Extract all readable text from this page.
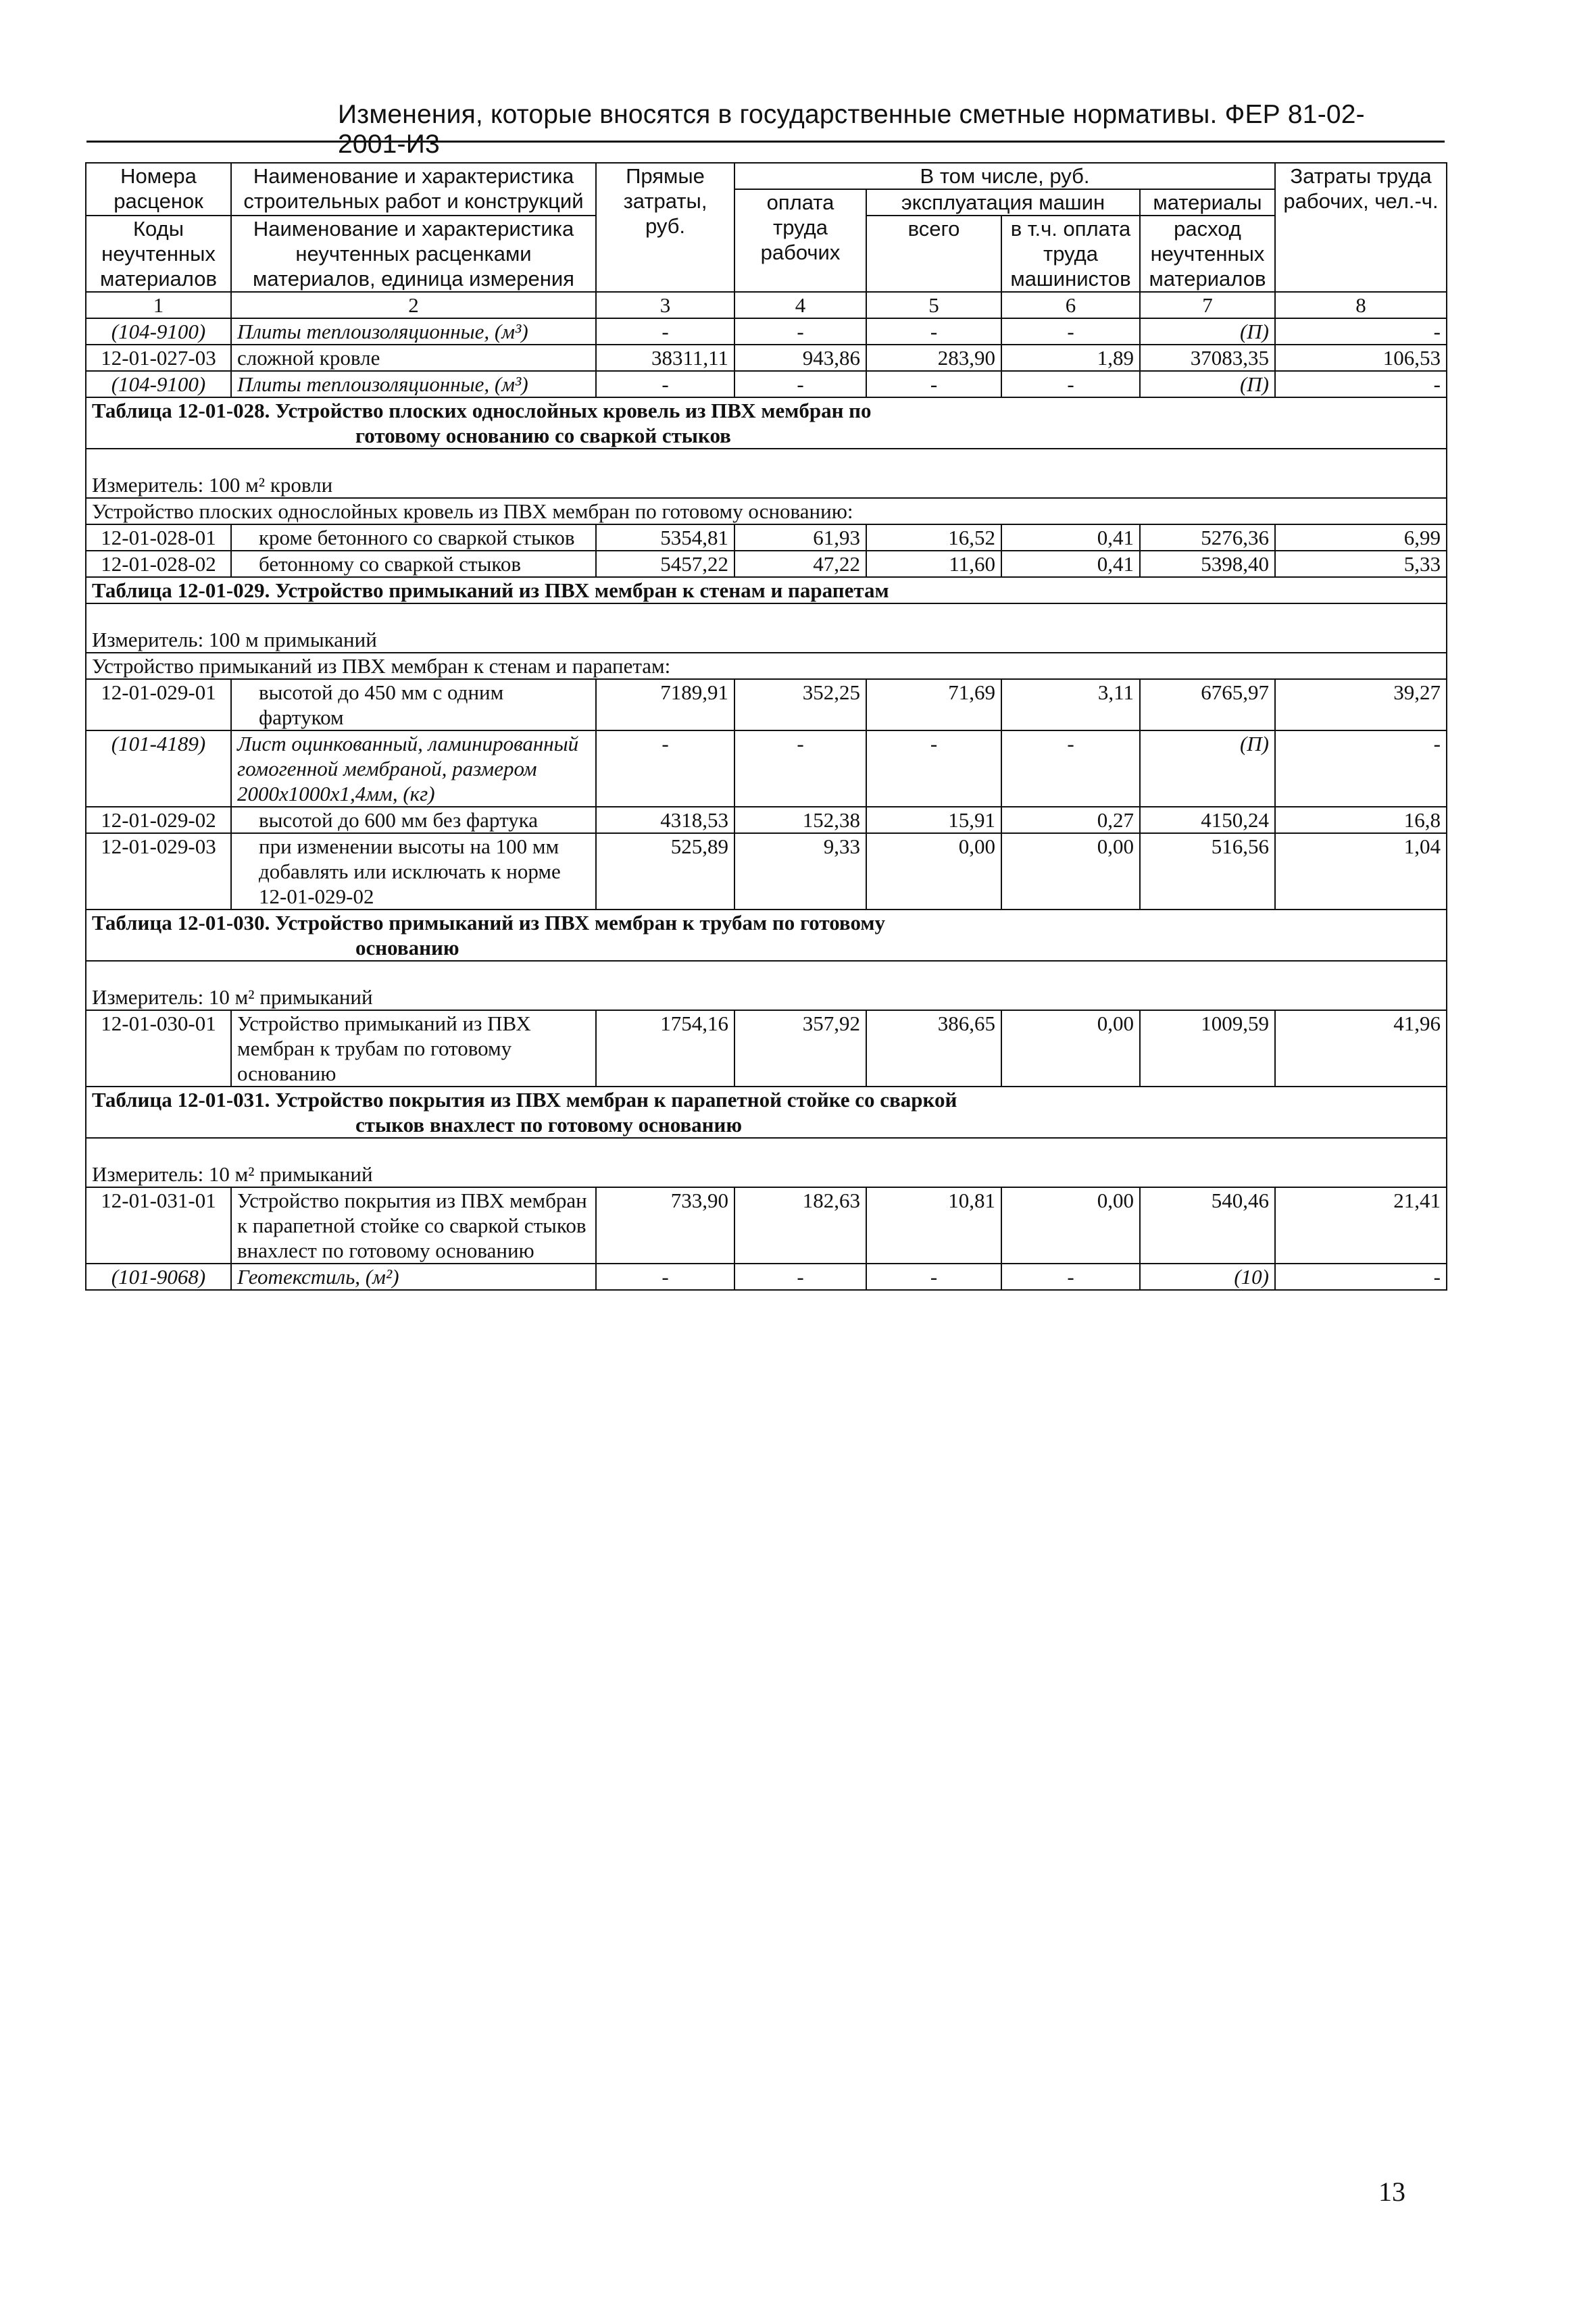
Изменения, которые вносятся в государственные сметные нормативы. ФЕР 81-02-2001-И3
Номера расценок	Наименование и характеристика строительных работ и конструкций	Прямые затраты, руб.	В том числе, руб.				Затраты труда рабочих, чел.-ч.
			оплата труда рабочих	эксплуатация машин		материалы	
Коды неучтенных материалов	Наименование и характеристика неучтенных расценками материалов, единица измерения			всего	в т.ч. оплата труда машинистов	расход неучтенных материалов	

1	2	3	4	5	6	7	8
(104-9100)	Плиты теплоизоляционные, (м³)	-	-	-	-	(П)	-
12-01-027-03	сложной кровле	38311,11	943,86	283,90	1,89	37083,35	106,53
(104-9100)	Плиты теплоизоляционные, (м³)	-	-	-	-	(П)	-

Таблица 12-01-028. Устройство плоских однослойных кровель из ПВХ мембран по
готовому основанию со сваркой стыков							

Измеритель: 100 м² кровли							
Устройство плоских однослойных кровель из ПВХ мембран по готовому основанию:							
12-01-028-01	кроме бетонного со сваркой стыков	5354,81	61,93	16,52	0,41	5276,36	6,99
12-01-028-02	бетонному со сваркой стыков	5457,22	47,22	11,60	0,41	5398,40	5,33

Таблица 12-01-029. Устройство примыканий из ПВХ мембран к стенам и парапетам							

Измеритель: 100 м примыканий							
Устройство примыканий из ПВХ мембран к стенам и парапетам:							
12-01-029-01	высотой до 450 мм с одним фартуком	7189,91	352,25	71,69	3,11	6765,97	39,27
(101-4189)	Лист оцинкованный, ламинированный гомогенной мембраной, размером 2000х1000х1,4мм, (кг)	-	-	-	-	(П)	-
12-01-029-02	высотой до 600 мм без фартука	4318,53	152,38	15,91	0,27	4150,24	16,8
12-01-029-03	при изменении высоты на 100 мм добавлять или исключать к норме 12-01-029-02	525,89	9,33	0,00	0,00	516,56	1,04

Таблица 12-01-030. Устройство примыканий из ПВХ мембран к трубам по готовому
основанию							

Измеритель: 10 м² примыканий							
12-01-030-01	Устройство примыканий из ПВХ мембран к трубам по готовому основанию	1754,16	357,92	386,65	0,00	1009,59	41,96

Таблица 12-01-031. Устройство покрытия из ПВХ мембран к парапетной стойке со сваркой
стыков внахлест по готовому основанию							

Измеритель: 10 м² примыканий							
12-01-031-01	Устройство покрытия из ПВХ мембран к парапетной стойке со сваркой стыков внахлест по готовому основанию	733,90	182,63	10,81	0,00	540,46	21,41
(101-9068)	Геотекстиль, (м²)	-	-	-	-	(10)	-
13
